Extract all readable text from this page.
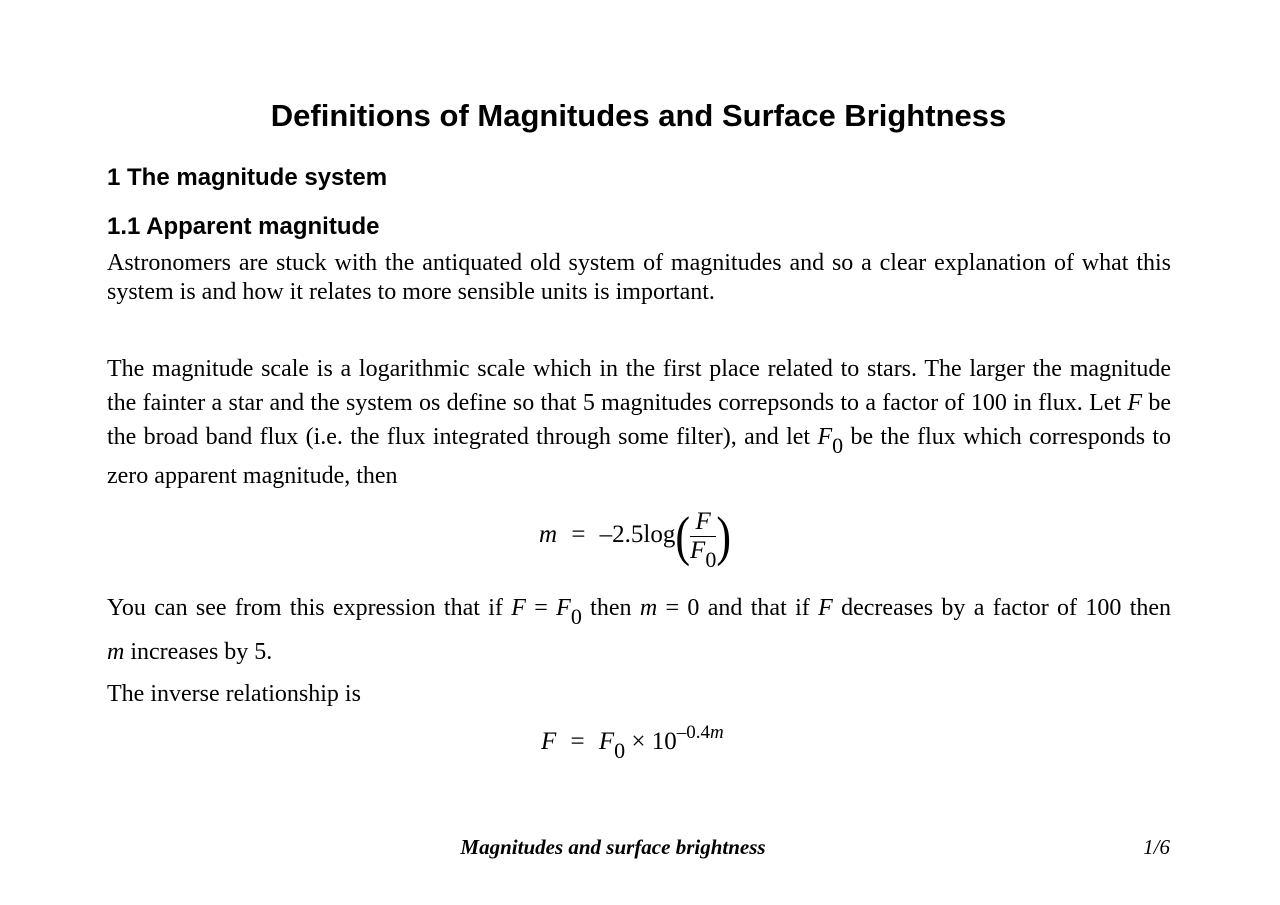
Definitions of Magnitudes and Surface Brightness
1 The magnitude system
1.1 Apparent magnitude
Astronomers are stuck with the antiquated old system of magnitudes and so a clear explanation of what this
system is and how it relates to more sensible units is important.
The magnitude scale is a logarithmic scale which in the first place related to stars. The larger the magnitude
the fainter a star and the system os define so that 5 magnitudes correpsonds to a factor of 100 in flux. Let F be
the broad band flux (i.e. the flux integrated through some filter), and let F0 be the flux which corresponds to
zero apparent magnitude, then
$m = -2.5\log( \frac{F}{F0}$ )
You can see from this expression that if F = F0 then m = 0 and that if F decreases by a factor of 100 then
m increases by 5.
The inverse relationship is
$F = F0 \times 10^{-0.4m}$
Magnitudes and surface brightness	1/6
